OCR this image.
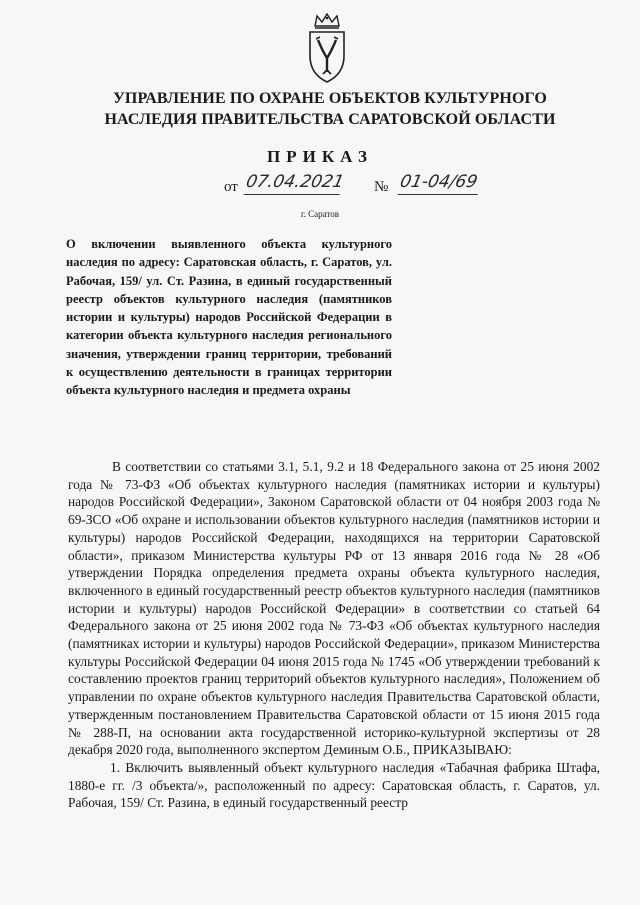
УПРАВЛЕНИЕ ПО ОХРАНЕ ОБЪЕКТОВ КУЛЬТУРНОГО
НАСЛЕДИЯ ПРАВИТЕЛЬСТВА САРАТОВСКОЙ ОБЛАСТИ
ПРИКАЗ
от 07.04.2021 № 01-04/69
г. Саратов
О включении выявленного объекта культурного наследия по адресу: Саратовская область, г. Саратов, ул. Рабочая, 159/ ул. Ст. Разина, в единый государственный реестр объектов культурного наследия (памятников истории и культуры) народов Российской Федерации в категории объекта культурного наследия регионального значения, утверждении границ территории, требований к осуществлению деятельности в границах территории объекта культурного наследия и предмета охраны

В соответствии со статьями 3.1, 5.1, 9.2 и 18 Федерального закона от 25 июня 2002 года № 73-ФЗ «Об объектах культурного наследия (памятниках истории и культуры) народов Российской Федерации», Законом Саратовской области от 04 ноября 2003 года № 69-ЗСО «Об охране и использовании объектов культурного наследия (памятников истории и культуры) народов Российской Федерации, находящихся на территории Саратовской области», приказом Министерства культуры РФ от 13 января 2016 года № 28 «Об утверждении Порядка определения предмета охраны объекта культурного наследия, включенного в единый государственный реестр объектов культурного наследия (памятников истории и культуры) народов Российской Федерации» в соответствии со статьей 64 Федерального закона от 25 июня 2002 года № 73-ФЗ «Об объектах культурного наследия (памятниках истории и культуры) народов Российской Федерации», приказом Министерства культуры Российской Федерации 04 июня 2015 года № 1745 «Об утверждении требований к составлению проектов границ территорий объектов культурного наследия», Положением об управлении по охране объектов культурного наследия Правительства Саратовской области, утвержденным постановлением Правительства Саратовской области от 15 июня 2015 года № 288-П, на основании акта государственной историко-культурной экспертизы от 28 декабря 2020 года, выполненного экспертом Деминым О.Б., ПРИКАЗЫВАЮ:

1. Включить выявленный объект культурного наследия «Табачная фабрика Штафа, 1880-е гг. /3 объекта/», расположенный по адресу: Саратовская область, г. Саратов, ул. Рабочая, 159/ Ст. Разина, в единый государственный реестр
